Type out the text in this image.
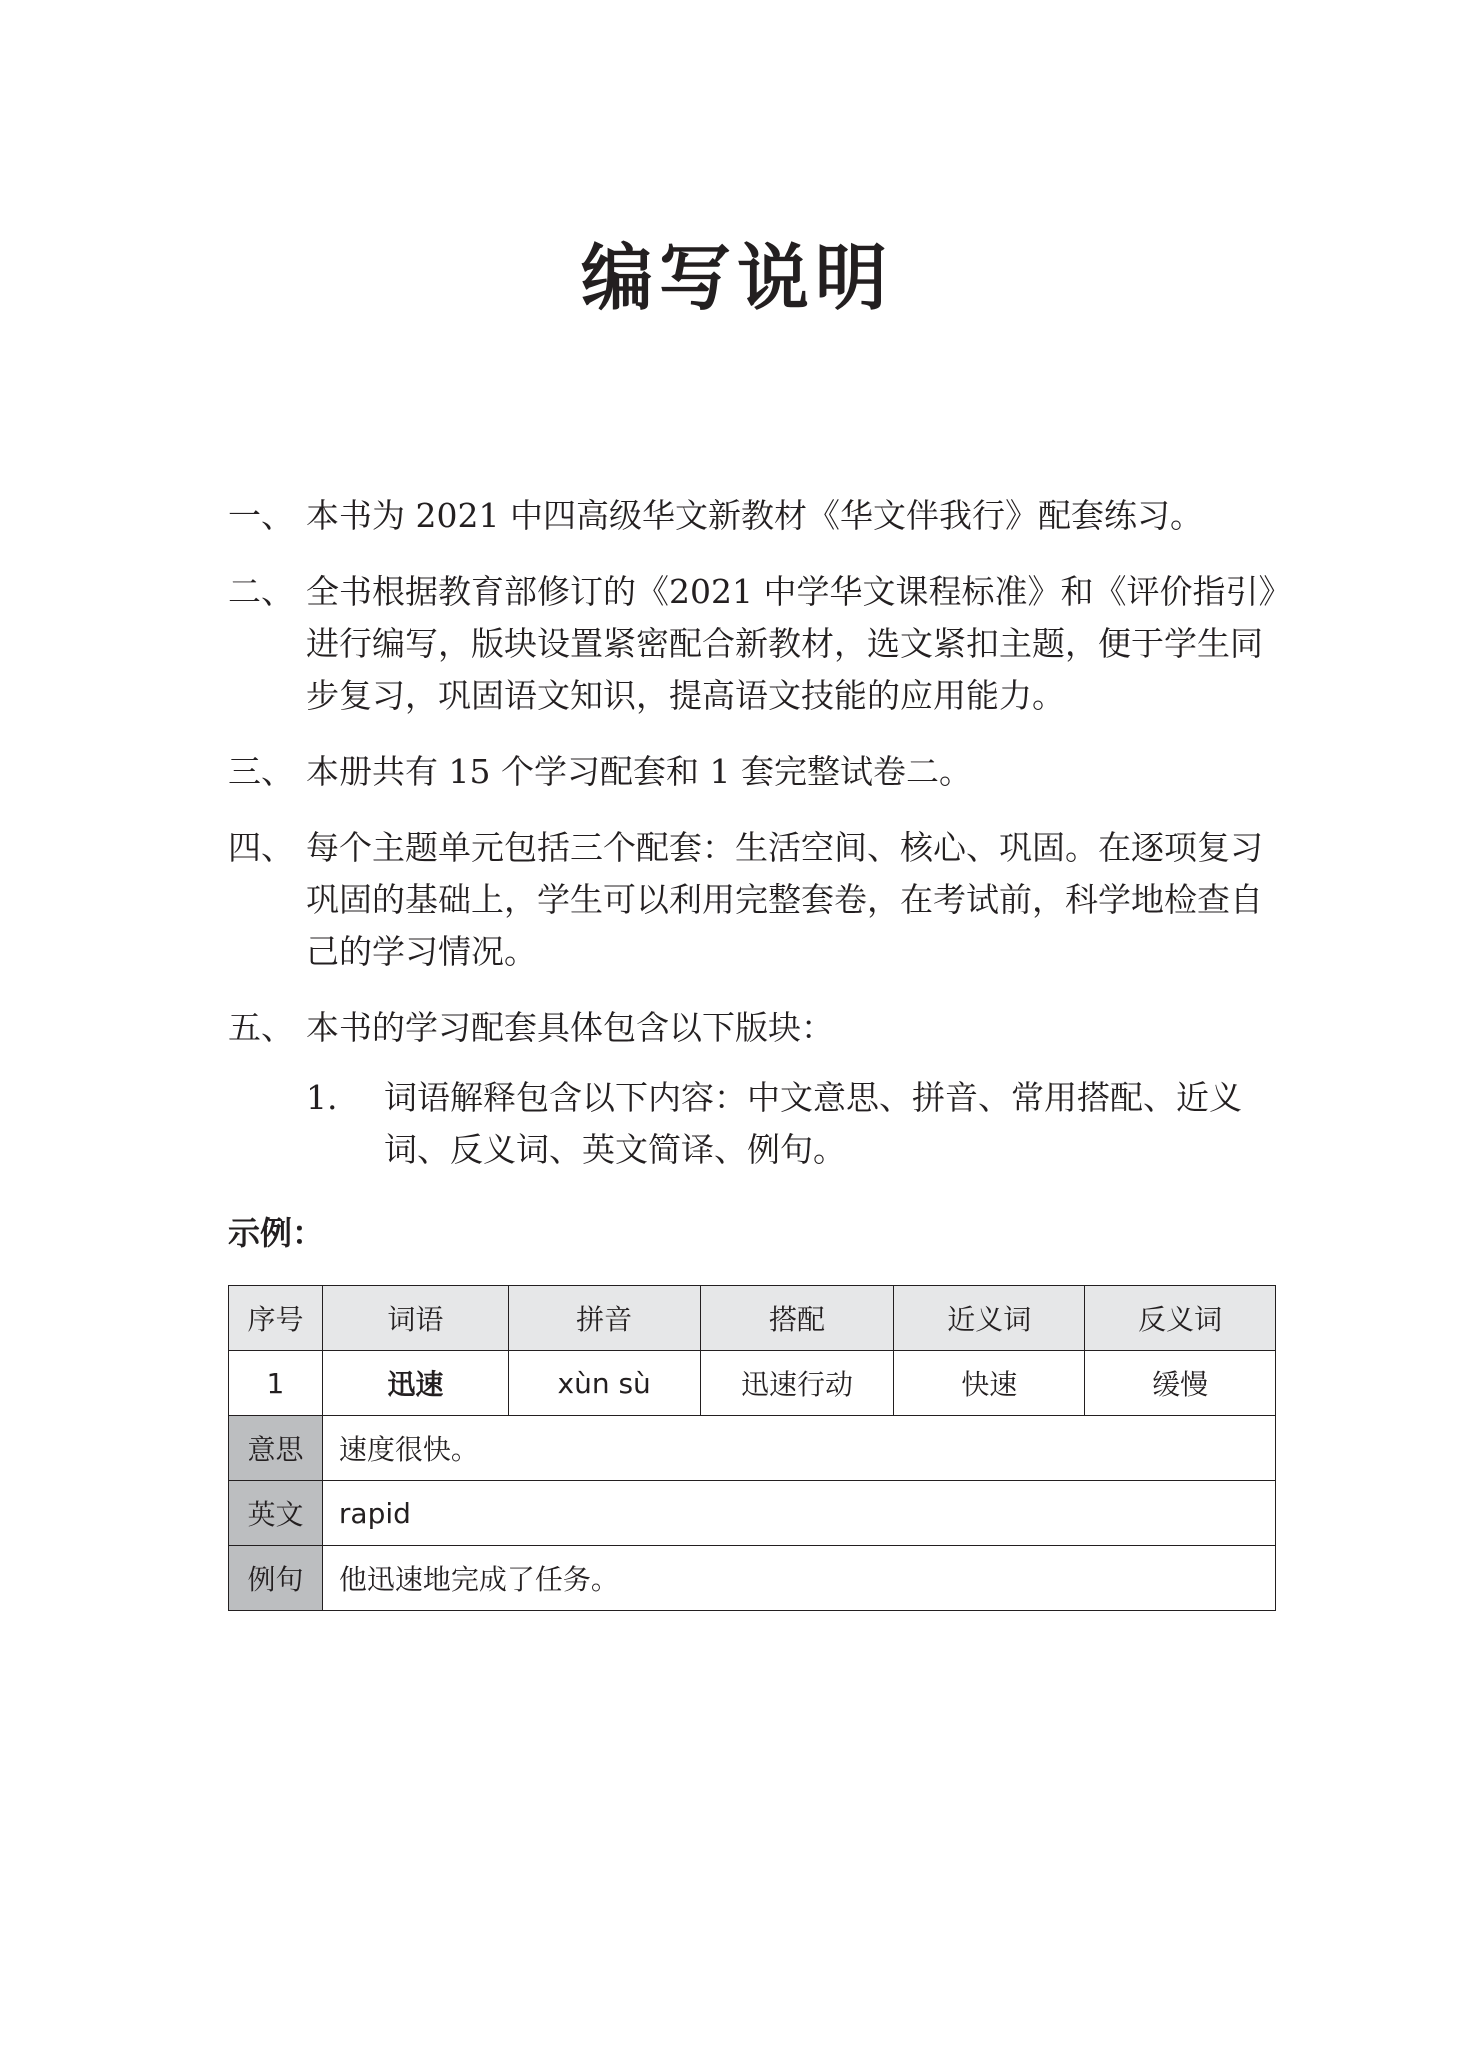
编写说明
一、 本书为 2021 中四高级华文新教材《华文伴我行》配套练习。
二、 全书根据教育部修订的《2021 中学华文课程标准》和《评价指引》进行编写，版块设置紧密配合新教材，选文紧扣主题，便于学生同步复习，巩固语文知识，提高语文技能的应用能力。
三、 本册共有 15 个学习配套和 1 套完整试卷二。
四、 每个主题单元包括三个配套：生活空间、核心、巩固。在逐项复习巩固的基础上，学生可以利用完整套卷，在考试前，科学地检查自己的学习情况。
五、 本书的学习配套具体包含以下版块：
1.	词语解释包含以下内容：中文意思、拼音、常用搭配、近义词、反义词、英文简译、例句。
示例：
序号	词语	拼音	搭配	近义词	反义词
1	迅速	xùn sù	迅速行动	快速	缓慢
意思	速度很快。				
英文	rapid				
例句	他迅速地完成了任务。				
